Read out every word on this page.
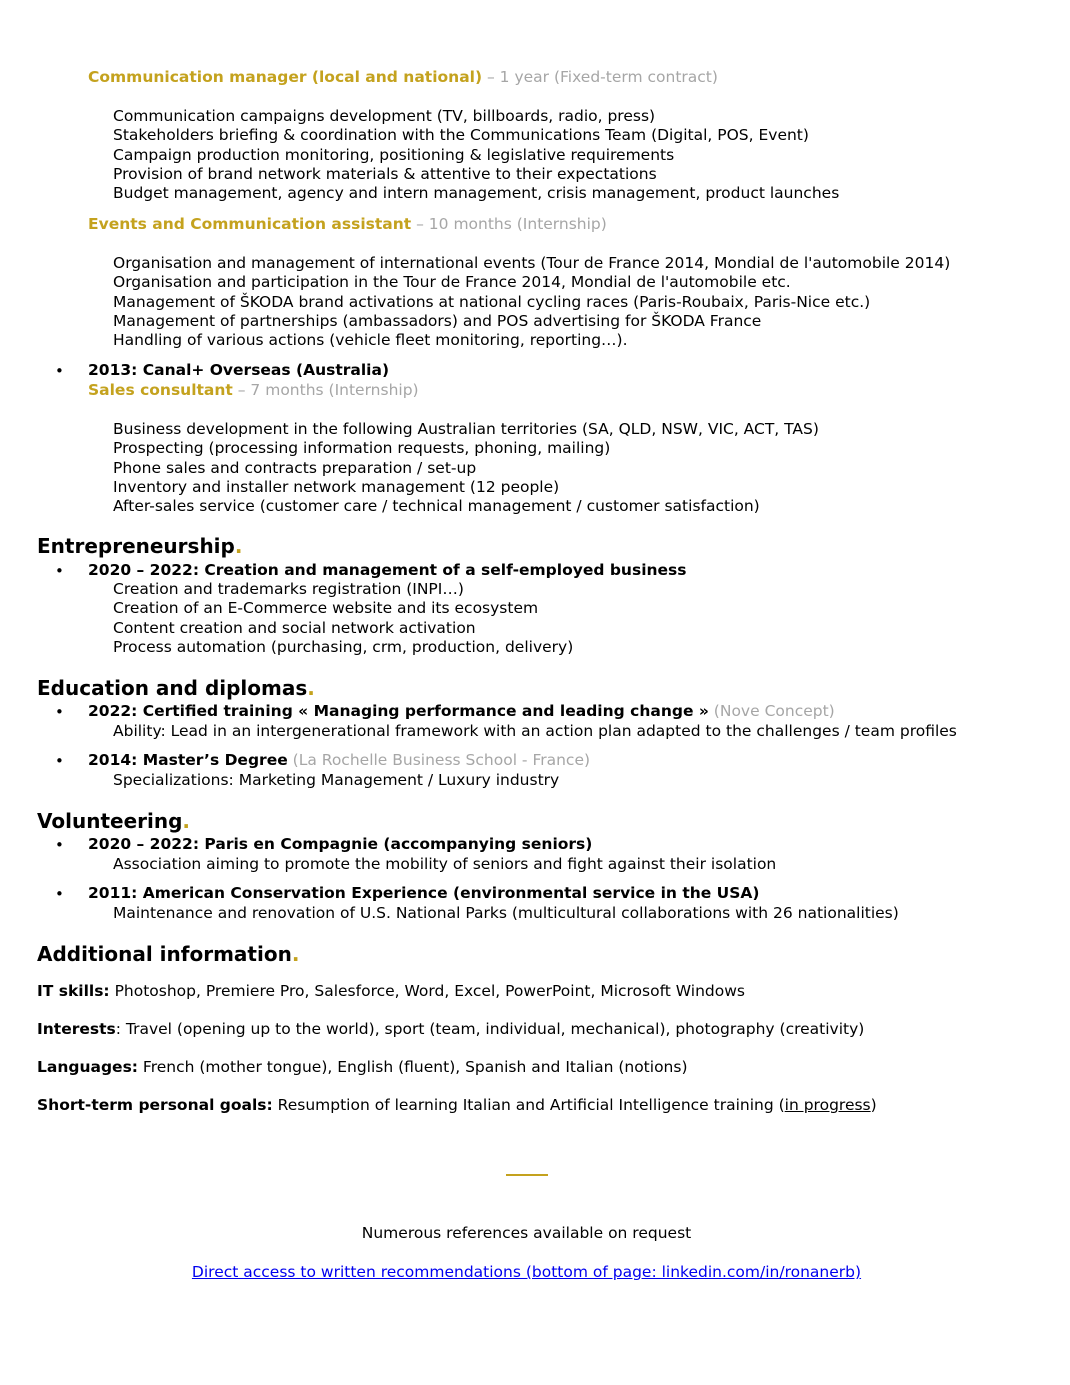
Communication manager (local and national) – 1 year (Fixed-term contract)
Communication campaigns development (TV, billboards, radio, press)
Stakeholders briefing & coordination with the Communications Team (Digital, POS, Event)
Campaign production monitoring, positioning & legislative requirements
Provision of brand network materials & attentive to their expectations
Budget management, agency and intern management, crisis management, product launches
Events and Communication assistant – 10 months (Internship)
Organisation and management of international events (Tour de France 2014, Mondial de l'automobile 2014)
Organisation and participation in the Tour de France 2014, Mondial de l'automobile etc.
Management of ŠKODA brand activations at national cycling races (Paris-Roubaix, Paris-Nice etc.)
Management of partnerships (ambassadors) and POS advertising for ŠKODA France
Handling of various actions (vehicle fleet monitoring, reporting…).
• 2013: Canal+ Overseas (Australia)
Sales consultant – 7 months (Internship)
Business development in the following Australian territories (SA, QLD, NSW, VIC, ACT, TAS)
Prospecting (processing information requests, phoning, mailing)
Phone sales and contracts preparation / set-up
Inventory and installer network management (12 people)
After-sales service (customer care / technical management / customer satisfaction)
Entrepreneurship.
• 2020 – 2022: Creation and management of a self-employed business
Creation and trademarks registration (INPI…)
Creation of an E-Commerce website and its ecosystem
Content creation and social network activation
Process automation (purchasing, crm, production, delivery)
Education and diplomas.
• 2022: Certified training « Managing performance and leading change » (Nove Concept)
Ability: Lead in an intergenerational framework with an action plan adapted to the challenges / team profiles
• 2014: Master’s Degree (La Rochelle Business School - France)
Specializations: Marketing Management / Luxury industry
Volunteering.
• 2020 – 2022: Paris en Compagnie (accompanying seniors)
Association aiming to promote the mobility of seniors and fight against their isolation
• 2011: American Conservation Experience (environmental service in the USA)
Maintenance and renovation of U.S. National Parks (multicultural collaborations with 26 nationalities)
Additional information.
IT skills: Photoshop, Premiere Pro, Salesforce, Word, Excel, PowerPoint, Microsoft Windows
Interests: Travel (opening up to the world), sport (team, individual, mechanical), photography (creativity)
Languages: French (mother tongue), English (fluent), Spanish and Italian (notions)
Short-term personal goals: Resumption of learning Italian and Artificial Intelligence training (in progress)
Numerous references available on request
Direct access to written recommendations (bottom of page: linkedin.com/in/ronanerb)
